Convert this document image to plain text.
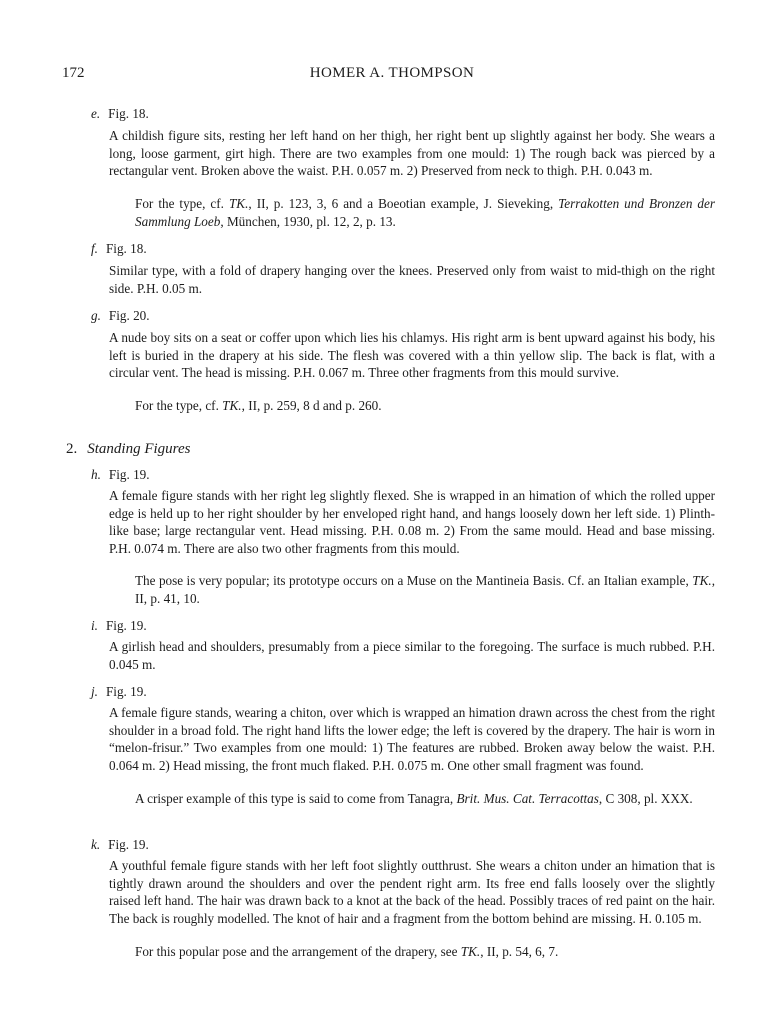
172	HOMER A. THOMPSON
e. Fig. 18.

A childish figure sits, resting her left hand on her thigh, her right bent up slightly against her body. She wears a long, loose garment, girt high. There are two examples from one mould: 1) The rough back was pierced by a rectangular vent. Broken above the waist. P.H. 0.057 m. 2) Preserved from neck to thigh. P.H. 0.043 m.

For the type, cf. TK., II, p. 123, 3, 6 and a Boeotian example, J. Sieveking, Terrakotten und Bronzen der Sammlung Loeb, München, 1930, pl. 12, 2, p. 13.

f. Fig. 18.

Similar type, with a fold of drapery hanging over the knees. Preserved only from waist to mid-thigh on the right side. P.H. 0.05 m.

g. Fig. 20.

A nude boy sits on a seat or coffer upon which lies his chlamys. His right arm is bent upward against his body, his left is buried in the drapery at his side. The flesh was covered with a thin yellow slip. The back is flat, with a circular vent. The head is missing. P.H. 0.067 m. Three other fragments from this mould survive.

For the type, cf. TK., II, p. 259, 8 d and p. 260.

2. Standing Figures
h. Fig. 19.

A female figure stands with her right leg slightly flexed. She is wrapped in an himation of which the rolled upper edge is held up to her right shoulder by her enveloped right hand, and hangs loosely down her left side. 1) Plinth-like base; large rectangular vent. Head missing. P.H. 0.08 m. 2) From the same mould. Head and base missing. P.H. 0.074 m. There are also two other fragments from this mould.

The pose is very popular; its prototype occurs on a Muse on the Mantineia Basis. Cf. an Italian example, TK., II, p. 41, 10.

i. Fig. 19.

A girlish head and shoulders, presumably from a piece similar to the foregoing. The surface is much rubbed. P.H. 0.045 m.

j. Fig. 19.

A female figure stands, wearing a chiton, over which is wrapped an himation drawn across the chest from the right shoulder in a broad fold. The right hand lifts the lower edge; the left is covered by the drapery. The hair is worn in “melon-frisur.” Two examples from one mould: 1) The features are rubbed. Broken away below the waist. P.H. 0.064 m. 2) Head missing, the front much flaked. P.H. 0.075 m. One other small fragment was found.

A crisper example of this type is said to come from Tanagra, Brit. Mus. Cat. Terracottas, C 308, pl. XXX.

k. Fig. 19.

A youthful female figure stands with her left foot slightly outthrust. She wears a chiton under an himation that is tightly drawn around the shoulders and over the pendent right arm. Its free end falls loosely over the slightly raised left hand. The hair was drawn back to a knot at the back of the head. Possibly traces of red paint on the hair. The back is roughly modelled. The knot of hair and a fragment from the bottom behind are missing. H. 0.105 m.

For this popular pose and the arrangement of the drapery, see TK., II, p. 54, 6, 7.
